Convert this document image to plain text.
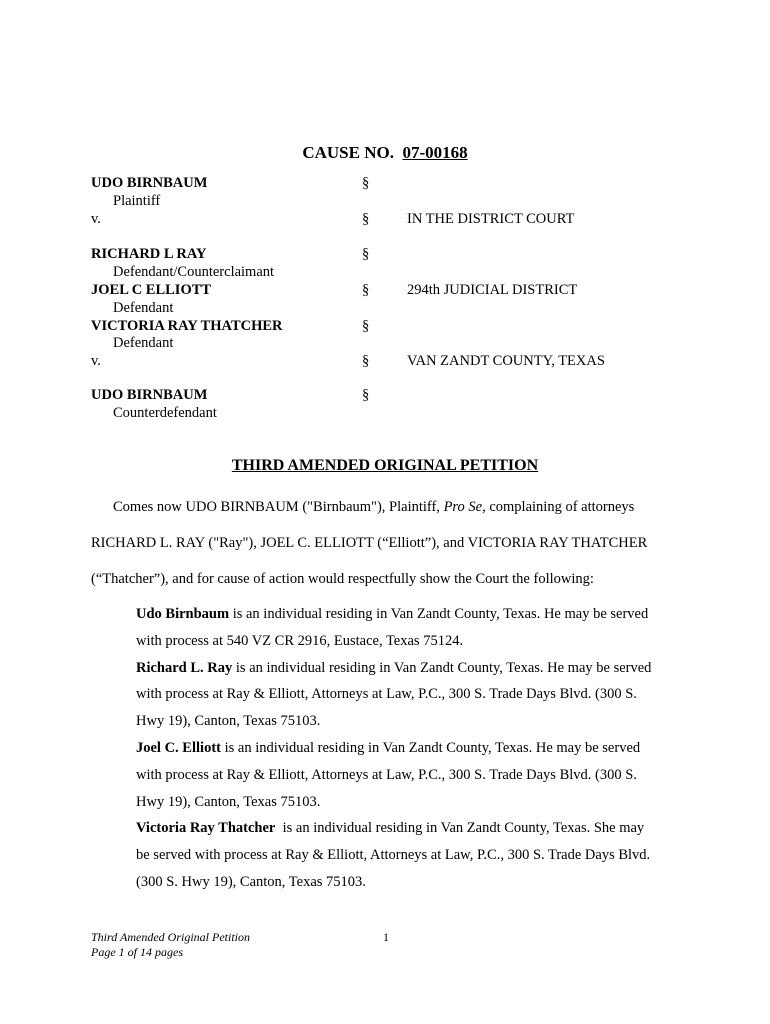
CAUSE NO. 07-00168
UDO BIRNBAUM	§
Plaintiff
v.	§	IN THE DISTRICT COURT
RICHARD L RAY	§
Defendant/Counterclaimant
JOEL C ELLIOTT	§	294th JUDICIAL DISTRICT
Defendant
VICTORIA RAY THATCHER	§
Defendant
v.	§	VAN ZANDT COUNTY, TEXAS
UDO BIRNBAUM	§
Counterdefendant
THIRD AMENDED ORIGINAL PETITION
Comes now UDO BIRNBAUM ("Birnbaum"), Plaintiff, Pro Se, complaining of attorneys
RICHARD L. RAY ("Ray"), JOEL C. ELLIOTT (“Elliott”), and VICTORIA RAY THATCHER
(“Thatcher”), and for cause of action would respectfully show the Court the following:
Udo Birnbaum is an individual residing in Van Zandt County, Texas. He may be served
with process at 540 VZ CR 2916, Eustace, Texas 75124.
Richard L. Ray is an individual residing in Van Zandt County, Texas. He may be served
with process at Ray & Elliott, Attorneys at Law, P.C., 300 S. Trade Days Blvd. (300 S.
Hwy 19), Canton, Texas 75103.
Joel C. Elliott is an individual residing in Van Zandt County, Texas. He may be served
with process at Ray & Elliott, Attorneys at Law, P.C., 300 S. Trade Days Blvd. (300 S.
Hwy 19), Canton, Texas 75103.
Victoria Ray Thatcher  is an individual residing in Van Zandt County, Texas. She may
be served with process at Ray & Elliott, Attorneys at Law, P.C., 300 S. Trade Days Blvd.
(300 S. Hwy 19), Canton, Texas 75103.
Third Amended Original Petition
Page 1 of 14 pages
1
